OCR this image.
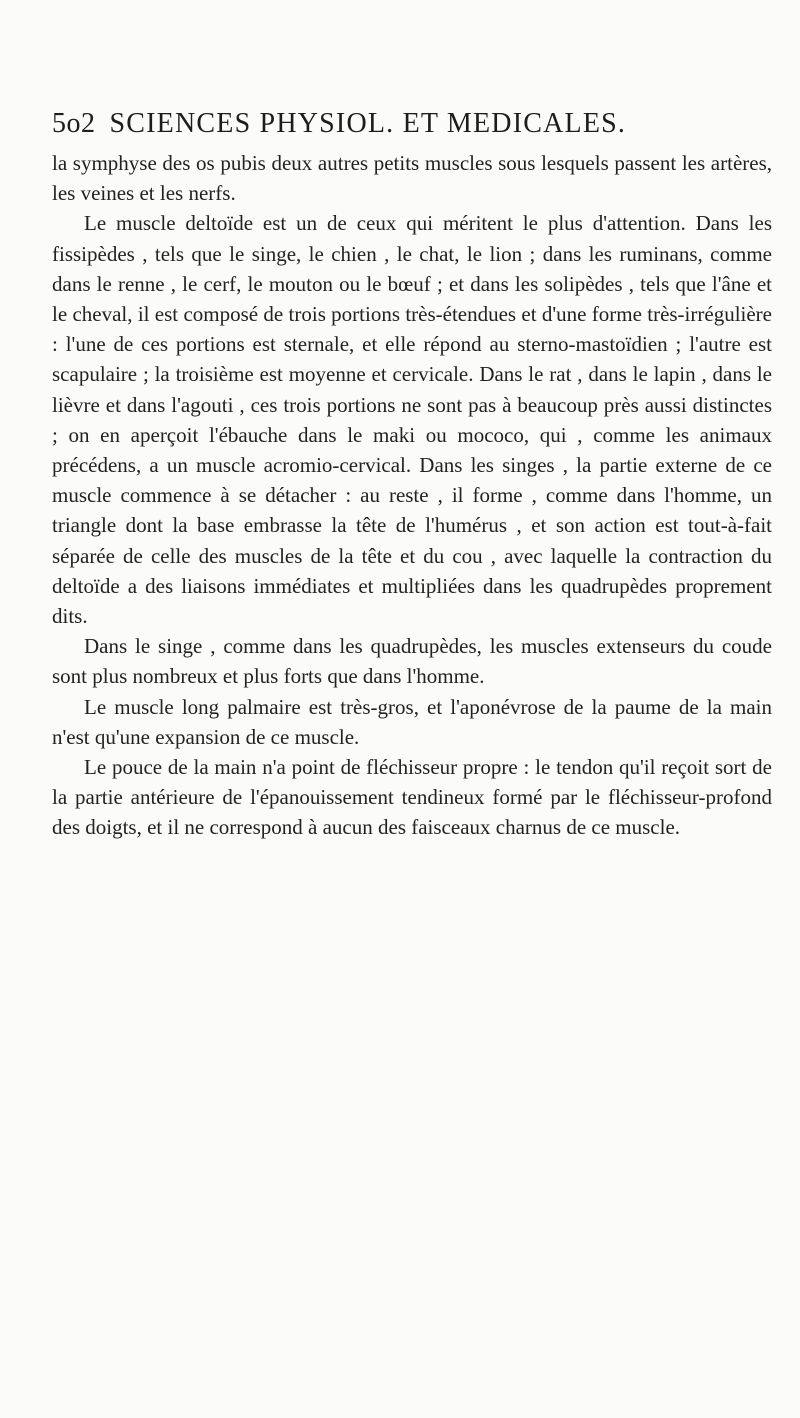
5o2 SCIENCES PHYSIOL. ET MEDICALES.

la symphyse des os pubis deux autres petits muscles sous lesquels passent les artères, les veines et les nerfs.

Le muscle deltoïde est un de ceux qui méritent le plus d'attention. Dans les fissipèdes , tels que le singe, le chien , le chat, le lion ; dans les ruminans, comme dans le renne , le cerf, le mouton ou le bœuf ; et dans les solipèdes , tels que l'âne et le cheval, il est composé de trois portions très-étendues et d'une forme très-irrégulière : l'une de ces portions est sternale, et elle répond au sterno-mastoïdien ; l'autre est scapulaire ; la troisième est moyenne et cervicale. Dans le rat , dans le lapin , dans le lièvre et dans l'agouti , ces trois portions ne sont pas à beaucoup près aussi distinctes ; on en aperçoit l'ébauche dans le maki ou mococo, qui , comme les animaux précédens, a un muscle acromio-cervical. Dans les singes , la partie externe de ce muscle commence à se détacher : au reste , il forme , comme dans l'homme, un triangle dont la base embrasse la tête de l'humérus , et son action est tout-à-fait séparée de celle des muscles de la tête et du cou , avec laquelle la contraction du deltoïde a des liaisons immédiates et multipliées dans les quadrupèdes proprement dits.

Dans le singe , comme dans les quadrupèdes, les muscles extenseurs du coude sont plus nombreux et plus forts que dans l'homme.

Le muscle long palmaire est très-gros, et l'aponévrose de la paume de la main n'est qu'une expansion de ce muscle.

Le pouce de la main n'a point de fléchisseur propre : le tendon qu'il reçoit sort de la partie antérieure de l'épanouissement tendineux formé par le fléchisseur-profond des doigts, et il ne correspond à aucun des faisceaux charnus de ce muscle.
